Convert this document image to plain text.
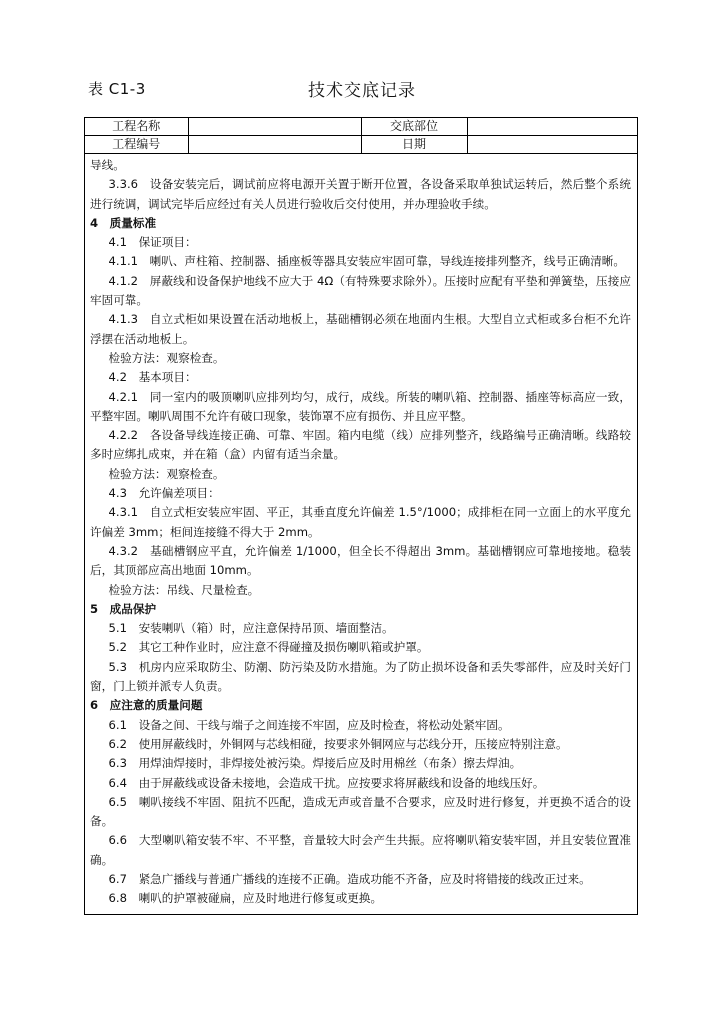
表 C1-3	技术交底记录
工程名称		交底部位	
工程编号		日期	

导线。

3.3.6　设备安装完后，调试前应将电源开关置于断开位置，各设备采取单独试运转后，然后整个系统进行统调，调试完毕后应经过有关人员进行验收后交付使用，并办理验收手续。

4　质量标准

4.1　保证项目：

4.1.1　喇叭、声柱箱、控制器、插座板等器具安装应牢固可靠，导线连接排列整齐，线号正确清晰。

4.1.2　屏蔽线和设备保护地线不应大于 4Ω（有特殊要求除外）。压接时应配有平垫和弹簧垫，压接应牢固可靠。

4.1.3　自立式柜如果设置在活动地板上，基础槽钢必须在地面内生根。大型自立式柜或多台柜不允许浮摆在活动地板上。

检验方法：观察检查。

4.2　基本项目：

4.2.1　同一室内的吸顶喇叭应排列均匀，成行，成线。所装的喇叭箱、控制器、插座等标高应一致，平整牢固。喇叭周围不允许有破口现象，装饰罩不应有损伤、并且应平整。

4.2.2　各设备导线连接正确、可靠、牢固。箱内电缆（线）应排列整齐，线路编号正确清晰。线路较多时应绑扎成束，并在箱（盒）内留有适当余量。

检验方法：观察检查。

4.3　允许偏差项目：

4.3.1　自立式柜安装应牢固、平正，其垂直度允许偏差 1.5°/1000；成排柜在同一立面上的水平度允许偏差 3mm；柜间连接缝不得大于 2mm。

4.3.2　基础槽钢应平直，允许偏差 1/1000，但全长不得超出 3mm。基础槽钢应可靠地接地。稳装后，其顶部应高出地面 10mm。

检验方法：吊线、尺量检查。

5　成品保护

5.1　安装喇叭（箱）时，应注意保持吊顶、墙面整洁。

5.2　其它工种作业时，应注意不得碰撞及损伤喇叭箱或护罩。

5.3　机房内应采取防尘、防潮、防污染及防水措施。为了防止损坏设备和丢失零部件，应及时关好门窗，门上锁并派专人负责。

6　应注意的质量问题

6.1　设备之间、干线与端子之间连接不牢固，应及时检查，将松动处紧牢固。

6.2　使用屏蔽线时，外铜网与芯线相碰，按要求外铜网应与芯线分开，压接应特别注意。

6.3　用焊油焊接时，非焊接处被污染。焊接后应及时用棉丝（布条）擦去焊油。

6.4　由于屏蔽线或设备未接地，会造成干扰。应按要求将屏蔽线和设备的地线压好。

6.5　喇叭接线不牢固、阻抗不匹配，造成无声或音量不合要求，应及时进行修复，并更换不适合的设备。

6.6　大型喇叭箱安装不牢、不平整，音量较大时会产生共振。应将喇叭箱安装牢固，并且安装位置准确。

6.7　紧急广播线与普通广播线的连接不正确。造成功能不齐备，应及时将错接的线改正过来。

6.8　喇叭的护罩被碰扁，应及时地进行修复或更换。
